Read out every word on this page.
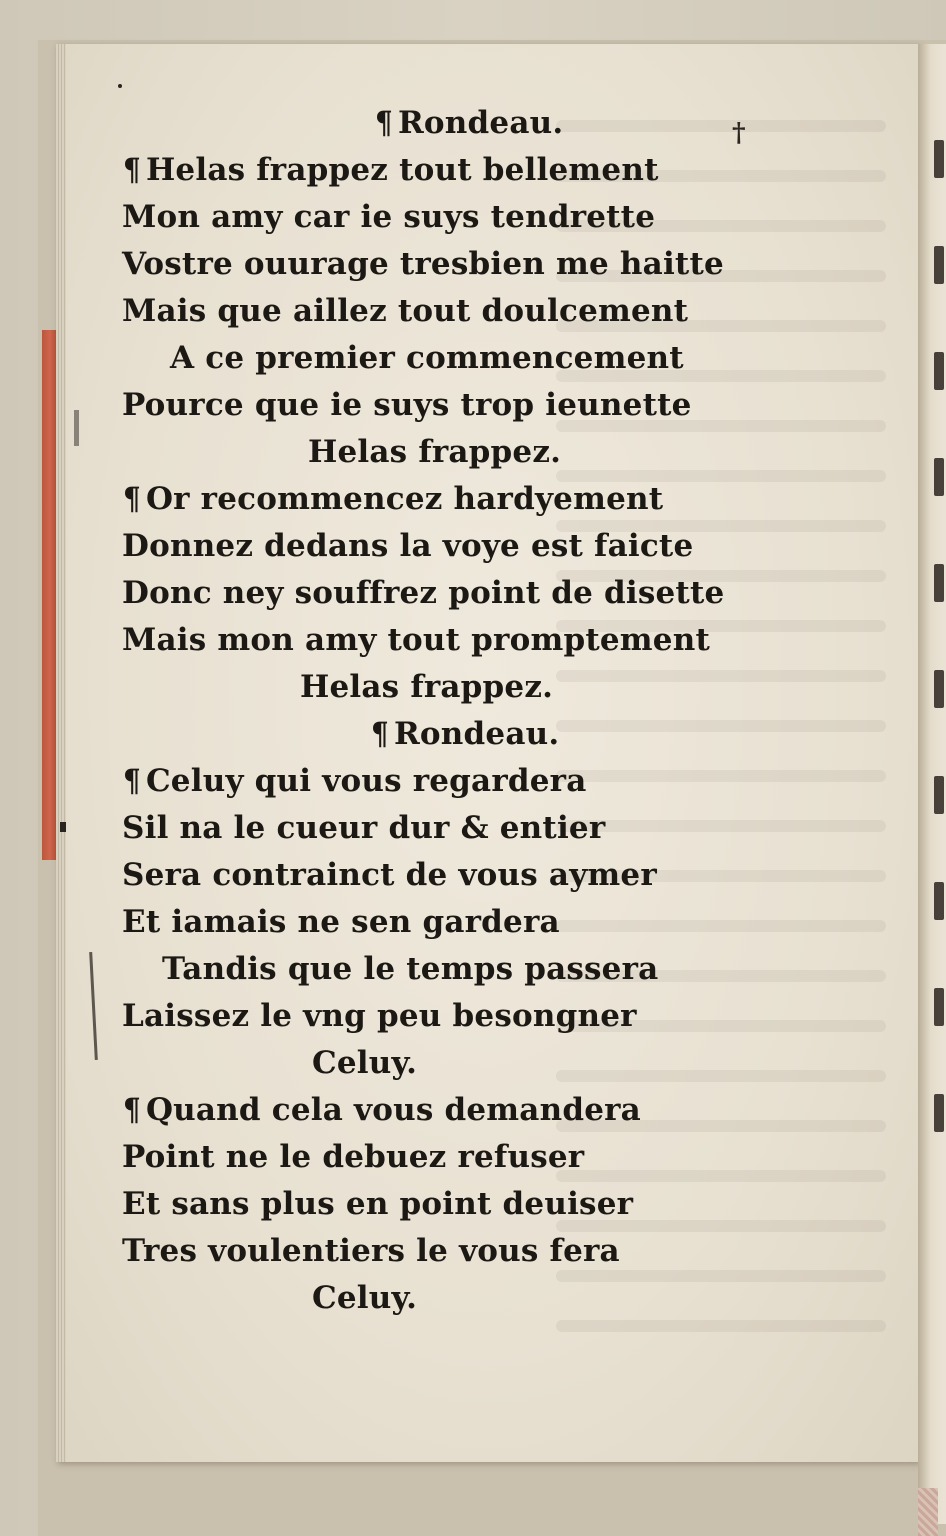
†
¶ Rondeau.
¶ Helas frappez tout bellement
Mon amy car ie suys tendrette
Vostre ouurage tresbien me haitte
Mais que aillez tout doulcement
A ce premier commencement
Pource que ie suys trop ieunette
Helas frappez.
¶ Or recommencez hardyement
Donnez dedans la voye est faicte
Donc ney souffrez point de disette
Mais mon amy tout promptement
Helas frappez.
¶ Rondeau.
¶ Celuy qui vous regardera
Sil na le cueur dur & entier
Sera contrainct de vous aymer
Et iamais ne sen gardera
Tandis que le temps passera
Laissez le vng peu besongner
Celuy.
¶ Quand cela vous demandera
Point ne le debuez refuser
Et sans plus en point deuiser
Tres voulentiers le vous fera
Celuy.
